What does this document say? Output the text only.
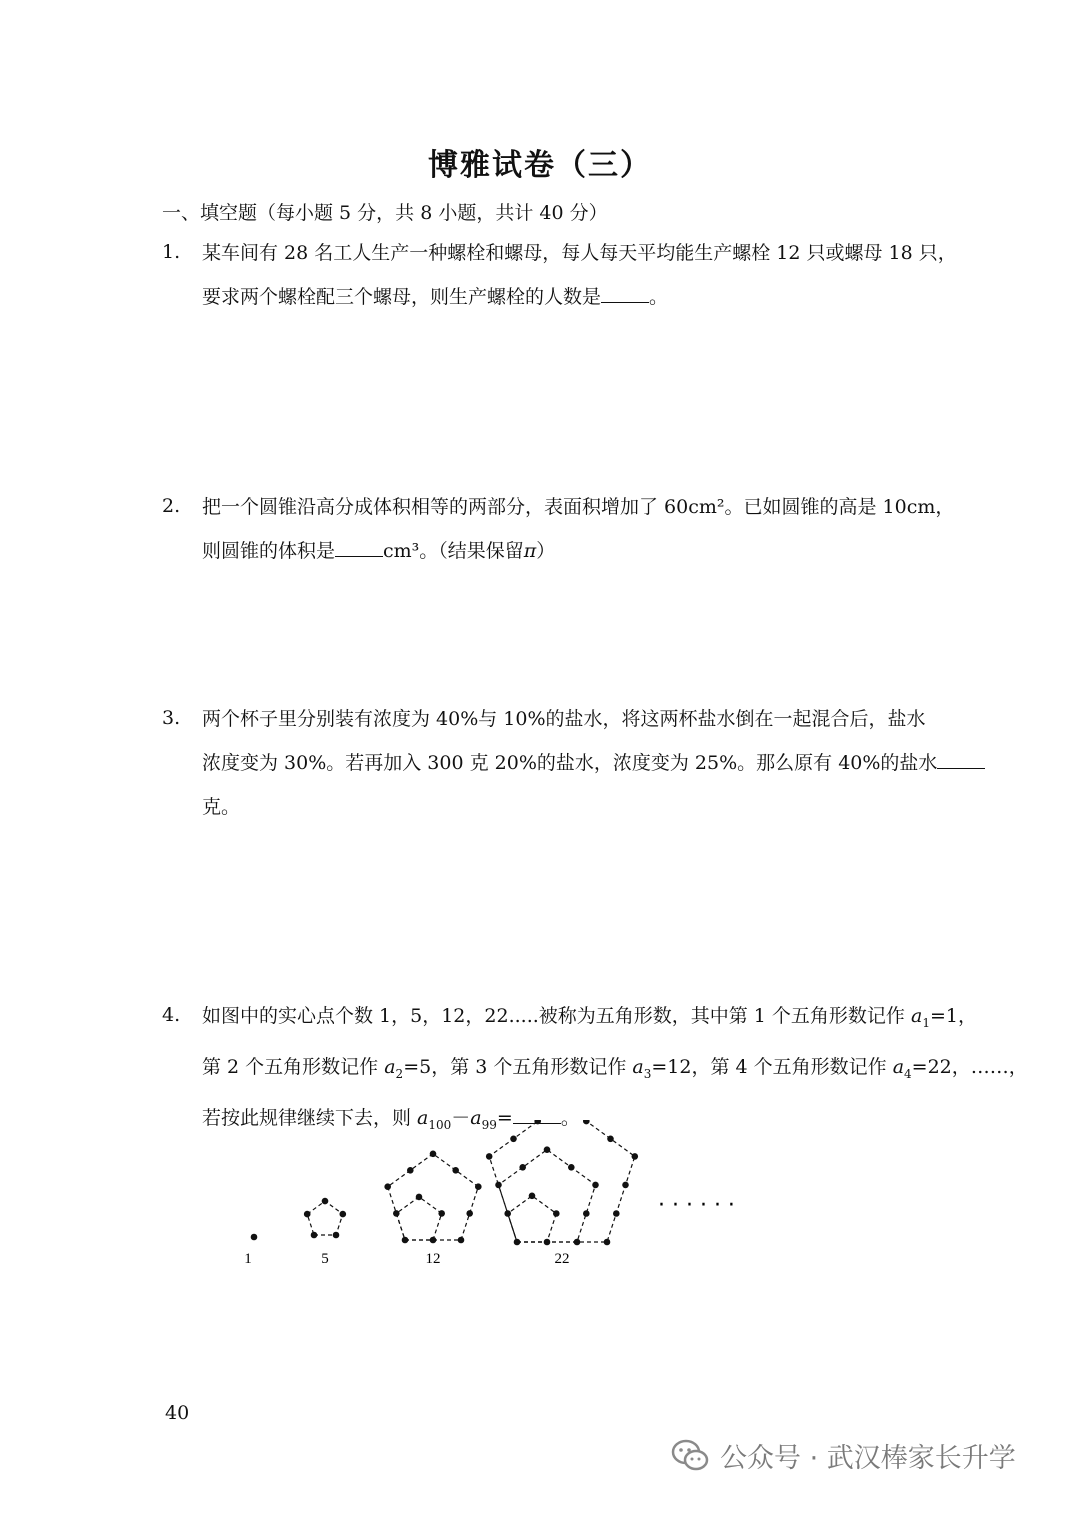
博雅试卷（三）
一、填空题（每小题 5 分，共 8 小题，共计 40 分）
1. 某车间有 28 名工人生产一种螺栓和螺母，每人每天平均能生产螺栓 12 只或螺母 18 只，
要求两个螺栓配三个螺母，则生产螺栓的人数是	。
2. 把一个圆锥沿高分成体积相等的两部分，表面积增加了 60cm²。已如圆锥的高是 10cm，
则圆锥的体积是	cm³。（结果保留π）
3. 两个杯子里分别装有浓度为 40%与 10%的盐水，将这两杯盐水倒在一起混合后，盐水
浓度变为 30%。若再加入 300 克 20%的盐水，浓度变为 25%。那么原有 40%的盐水
克。
4. 如图中的实心点个数 1，5，12，22.....被称为五角形数，其中第 1 个五角形数记作 $a_1=1$，
第 2 个五角形数记作 $a_2=5$，第 3 个五角形数记作 $a_3=12$，第 4 个五角形数记作 $a_4=22$，……，
若按此规律继续下去，则 $a_{100}-a_{99}=$	。
1	5	12	22
· · · · · ·
40
公众号 · 武汉棒家长升学
